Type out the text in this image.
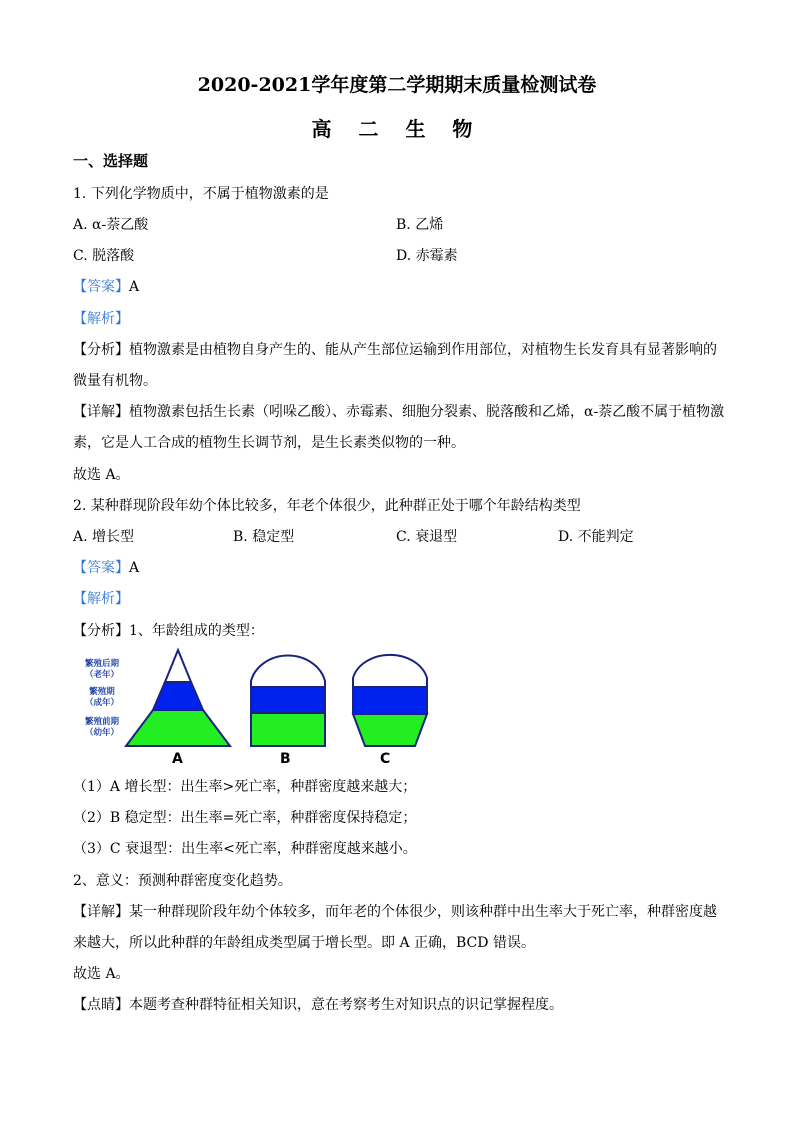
2020-2021学年度第二学期期末质量检测试卷
高 二 生 物
一、选择题
1. 下列化学物质中，不属于植物激素的是
A. α-萘乙酸	B. 乙烯
C. 脱落酸	D. 赤霉素
【答案】A
【解析】
【分析】植物激素是由植物自身产生的、能从产生部位运输到作用部位，对植物生长发育具有显著影响的
微量有机物。
【详解】植物激素包括生长素（吲哚乙酸）、赤霉素、细胞分裂素、脱落酸和乙烯，α-萘乙酸不属于植物激
素，它是人工合成的植物生长调节剂，是生长素类似物的一种。
故选 A。
2. 某种群现阶段年幼个体比较多，年老个体很少，此种群正处于哪个年龄结构类型
A. 增长型	B. 稳定型	C. 衰退型	D. 不能判定
【答案】A
【解析】
【分析】1、年龄组成的类型：
繁殖后期
（老年）
繁殖期
（成年）
繁殖前期
（幼年）
A	B	C
（1）A 增长型：出生率>死亡率，种群密度越来越大；
（2）B 稳定型：出生率=死亡率，种群密度保持稳定；
（3）C 衰退型：出生率<死亡率，种群密度越来越小。
2、意义：预测种群密度变化趋势。
【详解】某一种群现阶段年幼个体较多，而年老的个体很少，则该种群中出生率大于死亡率，种群密度越
来越大，所以此种群的年龄组成类型属于增长型。即 A 正确，BCD 错误。
故选 A。
【点睛】本题考查种群特征相关知识，意在考察考生对知识点的识记掌握程度。
